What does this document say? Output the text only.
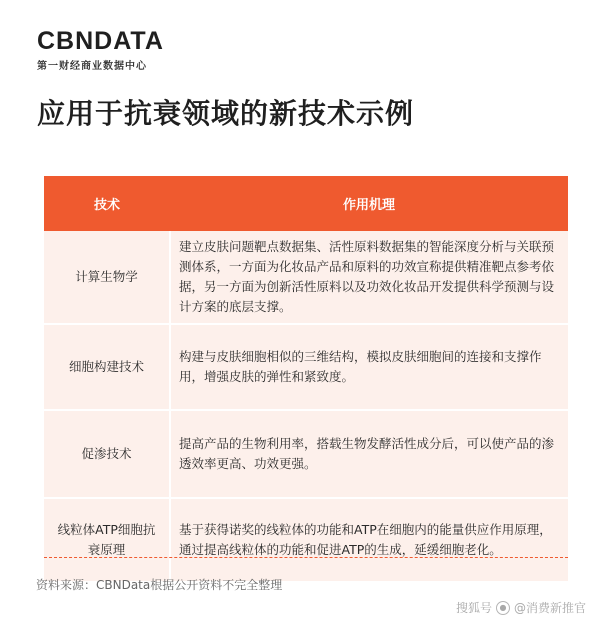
CBNDATA
第一财经商业数据中心
应用于抗衰领域的新技术示例
技术	作用机理
计算生物学	建立皮肤问题靶点数据集、活性原料数据集的智能深度分析与关联预测体系，一方面为化妆品产品和原料的功效宣称提供精准靶点参考依据，另一方面为创新活性原料以及功效化妆品开发提供科学预测与设计方案的底层支撑。
细胞构建技术	构建与皮肤细胞相似的三维结构，模拟皮肤细胞间的连接和支撑作用，增强皮肤的弹性和紧致度。
促渗技术	提高产品的生物利用率，搭载生物发酵活性成分后，可以使产品的渗透效率更高、功效更强。
线粒体ATP细胞抗衰原理	基于获得诺奖的线粒体的功能和ATP在细胞内的能量供应作用原理，通过提高线粒体的功能和促进ATP的生成，延缓细胞老化。
资料来源：CBNData根据公开资料不完全整理
搜狐号 ● @消费新推官
